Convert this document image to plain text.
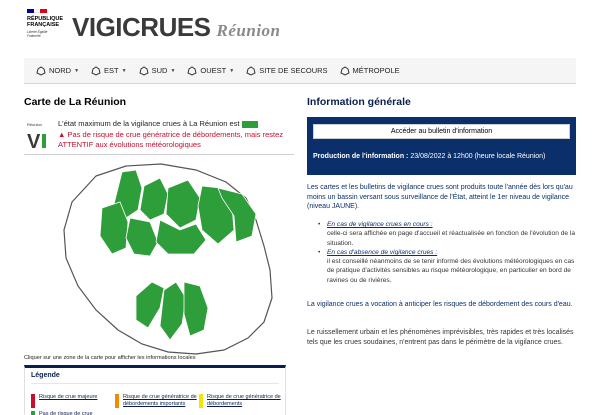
RÉPUBLIQUE FRANÇAISE
Liberté Égalité Fraternité	VIGICRUES Réunion
NORD ▼	EST ▼	SUD ▼	OUEST ▼	SITE DE SECOURS	MÉTROPOLE
Carte de La Réunion
Réunion
V
L'état maximum de la vigilance crues à La Réunion est Vert
▲ Pas de risque de crue génératrice de débordements, mais restez ATTENTIF aux évolutions météorologiques
Cliquer sur une zone de la carte pour afficher les informations locales
Légende
Risque de crue majeure	Risque de crue génératrice de débordements importants
Risque de crue génératrice de débordements
Pas de risque de crue
Information générale
Accéder au bulletin d'information
Production de l'information : 23/08/2022 à 12h00 (heure locale Réunion)
Les cartes et les bulletins de vigilance crues sont produits toute l'année dès lors qu'au moins un bassin versant sous surveillance de l'État, atteint le 1er niveau de vigilance (niveau JAUNE).
• En cas de vigilance crues en cours :
celle-ci sera affichée en page d'accueil et réactualisée en fonction de l'évolution de la situation.
• En cas d'absence de vigilance crues :
il est conseillé néanmoins de se tenir informé des évolutions météorologiques en cas de pratique d'activités sensibles au risque météorologique, en particulier en bord de ravines ou de rivières.
La vigilance crues a vocation à anticiper les risques de débordement des cours d'eau.
Le ruissellement urbain et les phénomènes imprévisibles, très rapides et très localisés tels que les crues soudaines, n'entrent pas dans le périmètre de la vigilance crues.
